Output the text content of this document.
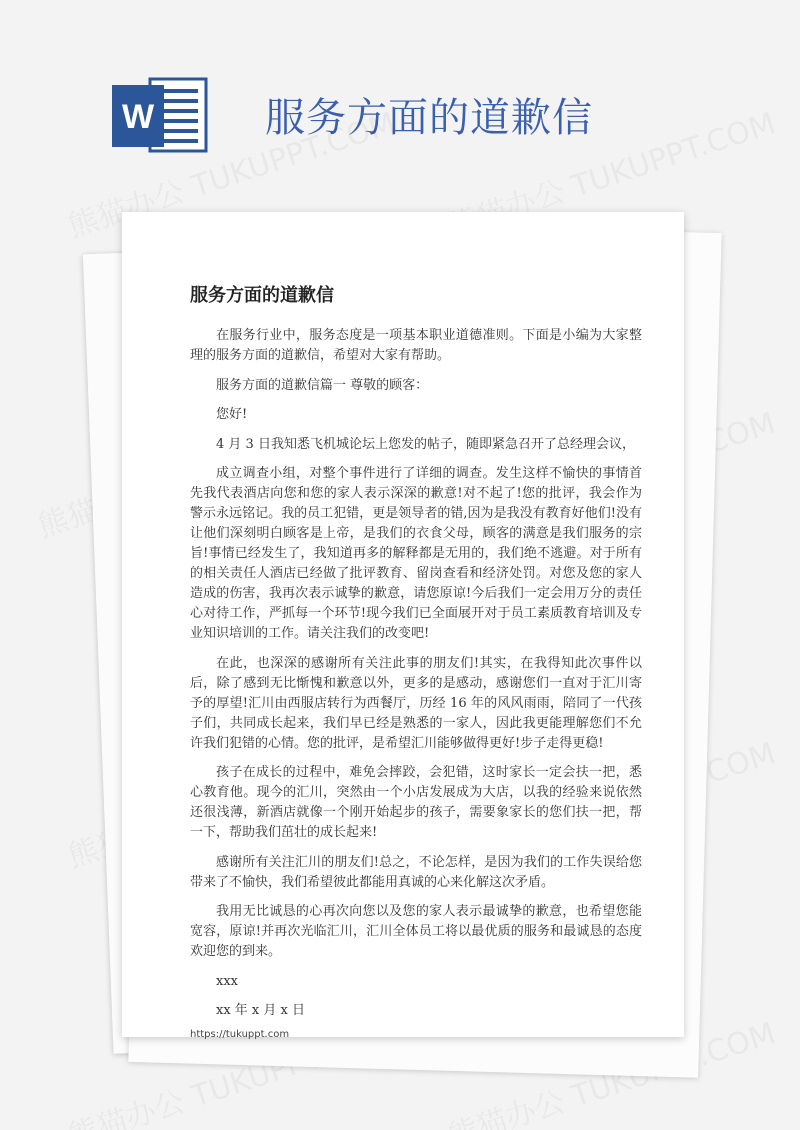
W	服务方面的道歉信
服务方面的道歉信

在服务行业中，服务态度是一项基本职业道德准则。下面是小编为大家整理的服务方面的道歉信，希望对大家有帮助。

服务方面的道歉信篇一 尊敬的顾客：

您好!

4 月 3 日我知悉飞机城论坛上您发的帖子，随即紧急召开了总经理会议，

成立调查小组，对整个事件进行了详细的调查。发生这样不愉快的事情首先我代表酒店向您和您的家人表示深深的歉意!对不起了!您的批评，我会作为警示永远铭记。我的员工犯错，更是领导者的错,因为是我没有教育好他们!没有让他们深刻明白顾客是上帝，是我们的衣食父母，顾客的满意是我们服务的宗旨!事情已经发生了，我知道再多的解释都是无用的，我们绝不逃避。对于所有的相关责任人酒店已经做了批评教育、留岗查看和经济处罚。对您及您的家人造成的伤害，我再次表示诚挚的歉意，请您原谅!今后我们一定会用万分的责任心对待工作，严抓每一个环节!现今我们已全面展开对于员工素质教育培训及专业知识培训的工作。请关注我们的改变吧!

在此，也深深的感谢所有关注此事的朋友们!其实，在我得知此次事件以后，除了感到无比惭愧和歉意以外，更多的是感动，感谢您们一直对于汇川寄予的厚望!汇川由西服店转行为西餐厅，历经 16 年的风风雨雨，陪同了一代孩子们，共同成长起来，我们早已经是熟悉的一家人，因此我更能理解您们不允许我们犯错的心情。您的批评，是希望汇川能够做得更好!步子走得更稳!

孩子在成长的过程中，难免会摔跤，会犯错，这时家长一定会扶一把，悉心教育他。现今的汇川，突然由一个小店发展成为大店，以我的经验来说依然还很浅薄，新酒店就像一个刚开始起步的孩子，需要象家长的您们扶一把，帮一下，帮助我们茁壮的成长起来!

感谢所有关注汇川的朋友们!总之，不论怎样，是因为我们的工作失误给您带来了不愉快，我们希望彼此都能用真诚的心来化解这次矛盾。

我用无比诚恳的心再次向您以及您的家人表示最诚挚的歉意，也希望您能宽容，原谅!并再次光临汇川，汇川全体员工将以最优质的服务和最诚恳的态度欢迎您的到来。

xxx

xx 年 x 月 x 日

https://tukuppt.com
